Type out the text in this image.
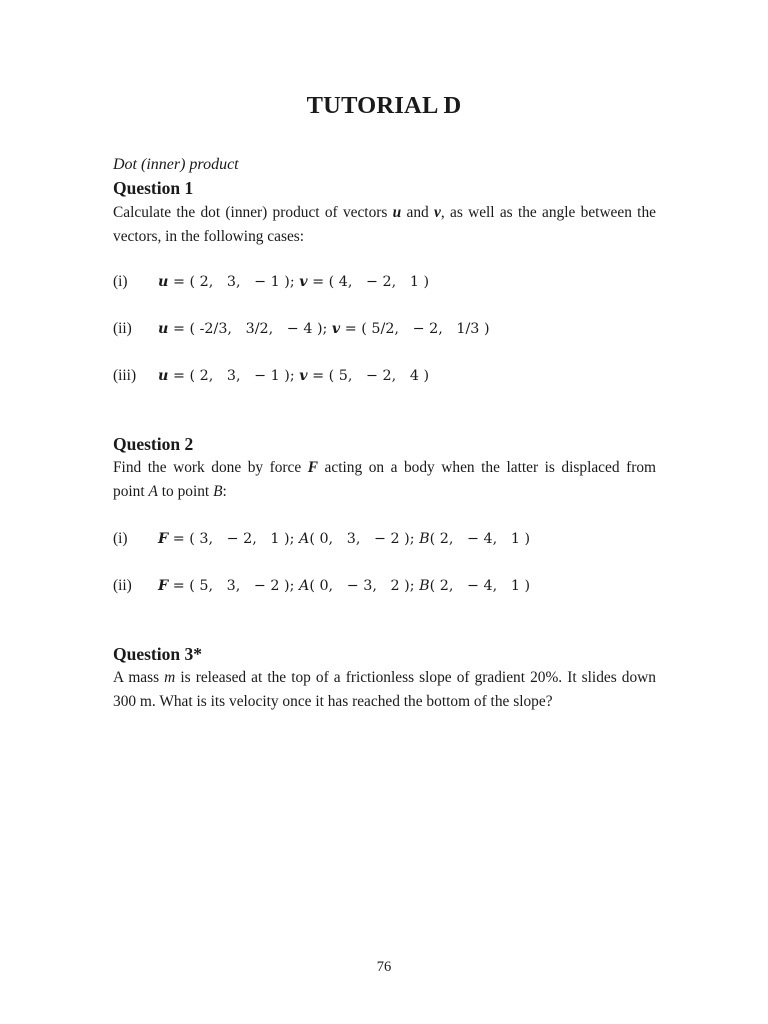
TUTORIAL D
Dot (inner) product
Question 1
Calculate the dot (inner) product of vectors u and v, as well as the angle between the
vectors, in the following cases:
(i) u = ( 2,   3,   − 1 ); v = ( 4,   − 2,   1 )
(ii) u = ( -2/3,   3/2,   − 4 ); v = ( 5/2,   − 2,   1/3 )
(iii) u = ( 2,   3,   − 1 ); v = ( 5,   − 2,   4 )
Question 2
Find the work done by force F acting on a body when the latter is displaced from
point A to point B:
(i) F = ( 3,   − 2,   1 ); A( 0,   3,   − 2 ); B( 2,   − 4,   1 )
(ii) F = ( 5,   3,   − 2 ); A( 0,   − 3,   2 ); B( 2,   − 4,   1 )
Question 3*
A mass m is released at the top of a frictionless slope of gradient 20%. It slides down
300 m. What is its velocity once it has reached the bottom of the slope?
76
